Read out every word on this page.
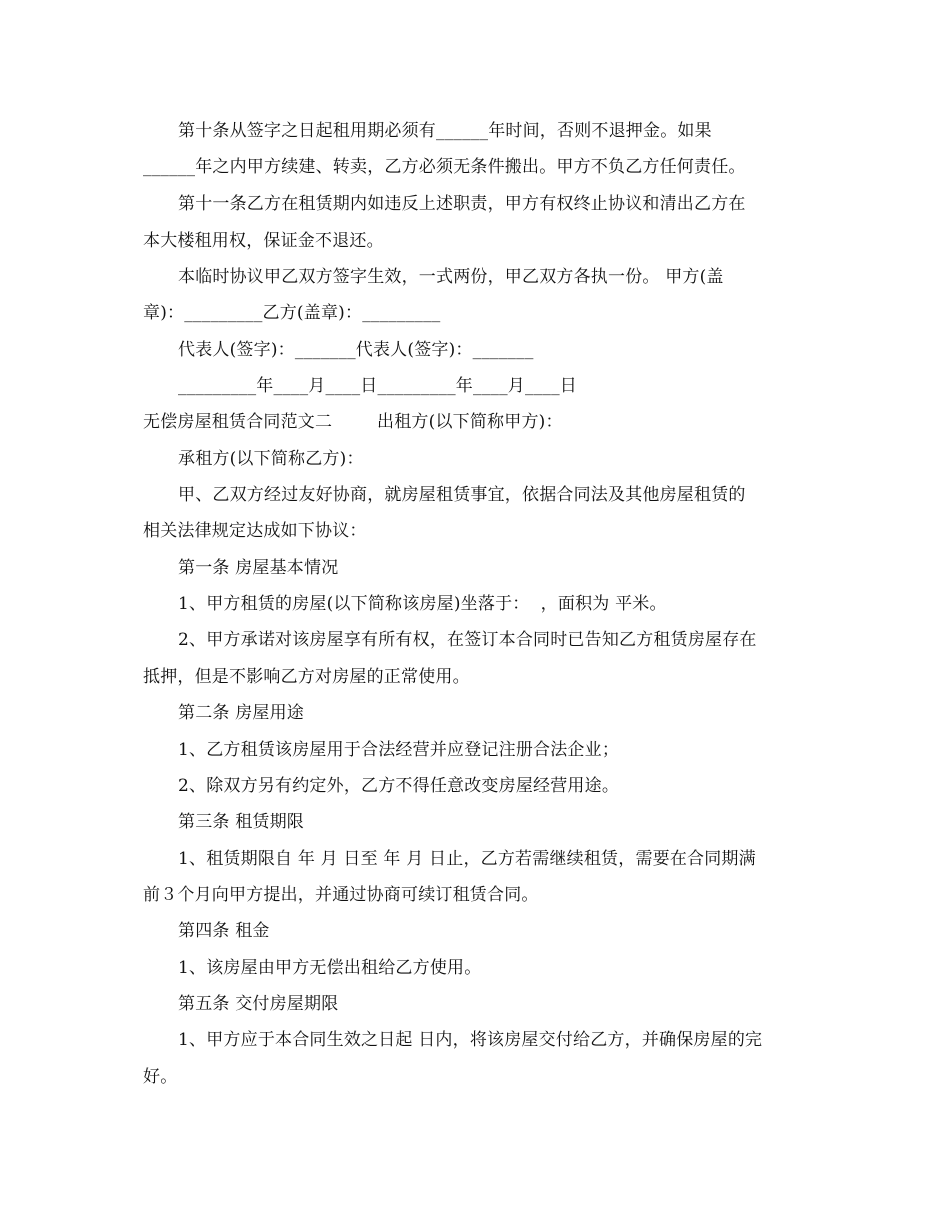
第十条从签字之日起租用期必须有______年时间，否则不退押金。如果
______年之内甲方续建、转卖，乙方必须无条件搬出。甲方不负乙方任何责任。
第十一条乙方在租赁期内如违反上述职责，甲方有权终止协议和清出乙方在
本大楼租用权，保证金不退还。
本临时协议甲乙双方签字生效，一式两份，甲乙双方各执一份。 甲方(盖
章)：_________乙方(盖章)：_________
代表人(签字)：_______代表人(签字)：_______
_________年____月____日_________年____月____日
无偿房屋租赁合同范文二        出租方(以下简称甲方)：
承租方(以下简称乙方)：
甲、乙双方经过友好协商，就房屋租赁事宜，依据合同法及其他房屋租赁的
相关法律规定达成如下协议：
第一条 房屋基本情况
1、甲方租赁的房屋(以下简称该房屋)坐落于：  ，面积为 平米。
2、甲方承诺对该房屋享有所有权，在签订本合同时已告知乙方租赁房屋存在
抵押，但是不影响乙方对房屋的正常使用。
第二条 房屋用途
1、乙方租赁该房屋用于合法经营并应登记注册合法企业；
2、除双方另有约定外，乙方不得任意改变房屋经营用途。
第三条 租赁期限
1、租赁期限自 年 月 日至 年 月 日止，乙方若需继续租赁，需要在合同期满
前３个月向甲方提出，并通过协商可续订租赁合同。
第四条 租金
1、该房屋由甲方无偿出租给乙方使用。
第五条 交付房屋期限
1、甲方应于本合同生效之日起 日内，将该房屋交付给乙方，并确保房屋的完
好。
